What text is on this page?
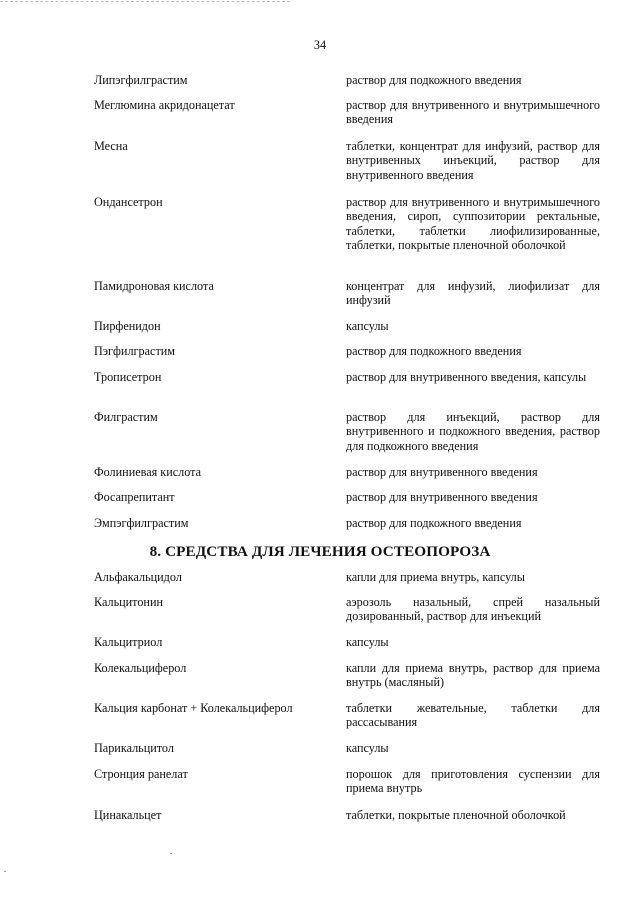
34
Липэгфилграстим	раствор для подкожного введения
Меглюмина акридонацетат	раствор для внутривенного и внутримышечного введения
Месна	таблетки, концентрат для инфузий, раствор для внутривенных инъекций, раствор для внутривенного введения
Ондансетрон	раствор для внутривенного и внутримышечного введения, сироп, суппозитории ректальные, таблетки, таблетки лиофилизированные, таблетки, покрытые пленочной оболочкой
Памидроновая кислота	концентрат для инфузий, лиофилизат для инфузий
Пирфенидон	капсулы
Пэгфилграстим	раствор для подкожного введения
Трописетрон	раствор для внутривенного введения, капсулы
Филграстим	раствор для инъекций, раствор для внутривенного и подкожного введения, раствор для подкожного введения
Фолиниевая кислота	раствор для внутривенного введения
Фосапрепитант	раствор для внутривенного введения
Эмпэгфилграстим	раствор для подкожного введения
8. СРЕДСТВА ДЛЯ ЛЕЧЕНИЯ ОСТЕОПОРОЗА
Альфакальцидол	капли для приема внутрь, капсулы
Кальцитонин	аэрозоль назальный, спрей назальный дозированный, раствор для инъекций
Кальцитриол	капсулы
Колекальциферол	капли для приема внутрь, раствор для приема внутрь (масляный)
Кальция карбонат + Колекальциферол	таблетки жевательные, таблетки для рассасывания
Парикальцитол	капсулы
Стронция ранелат	порошок для приготовления суспензии для приема внутрь
Цинакальцет	таблетки, покрытые пленочной оболочкой
